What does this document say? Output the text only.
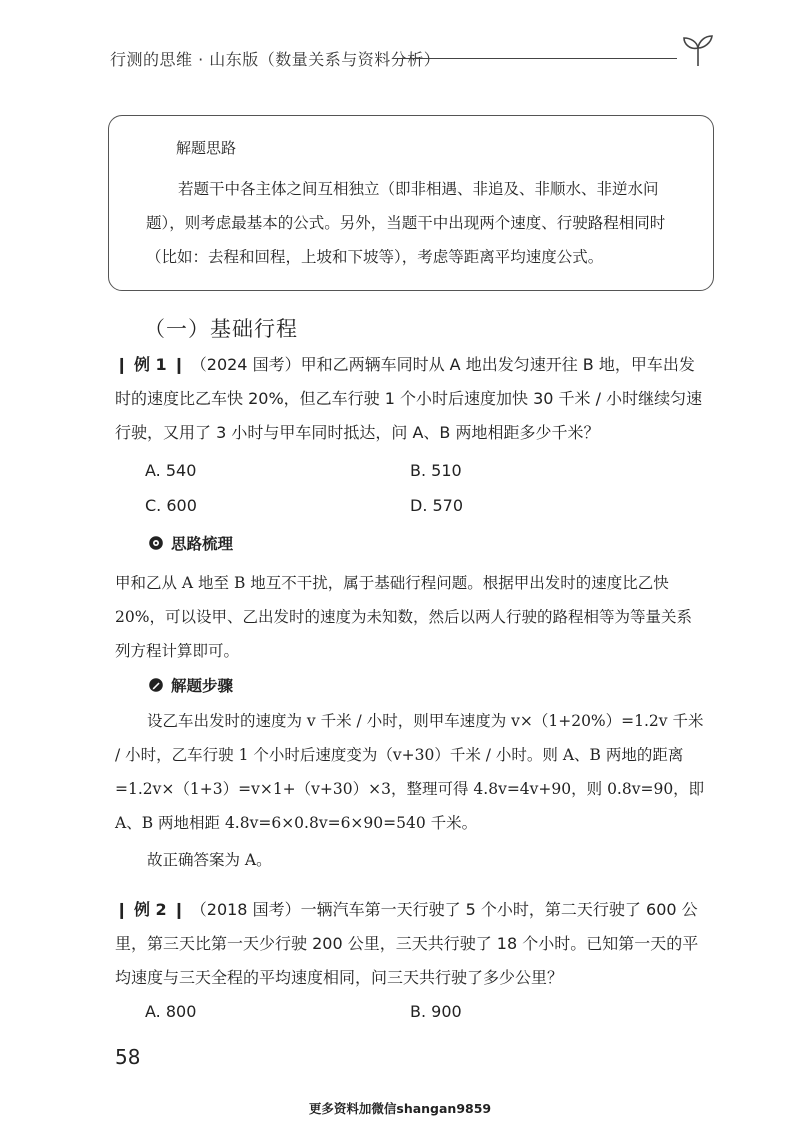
行测的思维 · 山东版（数量关系与资料分析）
解题思路
若题干中各主体之间互相独立（即非相遇、非追及、非顺水、非逆水问题），则考虑最基本的公式。另外，当题干中出现两个速度、行驶路程相同时（比如：去程和回程，上坡和下坡等），考虑等距离平均速度公式。
（一）基础行程
❙ 例 1 ❙ （2024 国考）甲和乙两辆车同时从 A 地出发匀速开往 B 地，甲车出发时的速度比乙车快 20%，但乙车行驶 1 个小时后速度加快 30 千米 / 小时继续匀速行驶，又用了 3 小时与甲车同时抵达，问 A、B 两地相距多少千米？
A. 540	B. 510
C. 600	D. 570
思路梳理
甲和乙从 A 地至 B 地互不干扰，属于基础行程问题。根据甲出发时的速度比乙快 20%，可以设甲、乙出发时的速度为未知数，然后以两人行驶的路程相等为等量关系列方程计算即可。
解题步骤
设乙车出发时的速度为 v 千米 / 小时，则甲车速度为 v×（1+20%）=1.2v 千米 / 小时，乙车行驶 1 个小时后速度变为（v+30）千米 / 小时。则 A、B 两地的距离 =1.2v×（1+3）=v×1+（v+30）×3，整理可得 4.8v=4v+90，则 0.8v=90，即 A、B 两地相距 4.8v=6×0.8v=6×90=540 千米。
故正确答案为 A。
❙ 例 2 ❙ （2018 国考）一辆汽车第一天行驶了 5 个小时，第二天行驶了 600 公里，第三天比第一天少行驶 200 公里，三天共行驶了 18 个小时。已知第一天的平均速度与三天全程的平均速度相同，问三天共行驶了多少公里？
A. 800	B. 900
58
更多资料加微信shangan9859
